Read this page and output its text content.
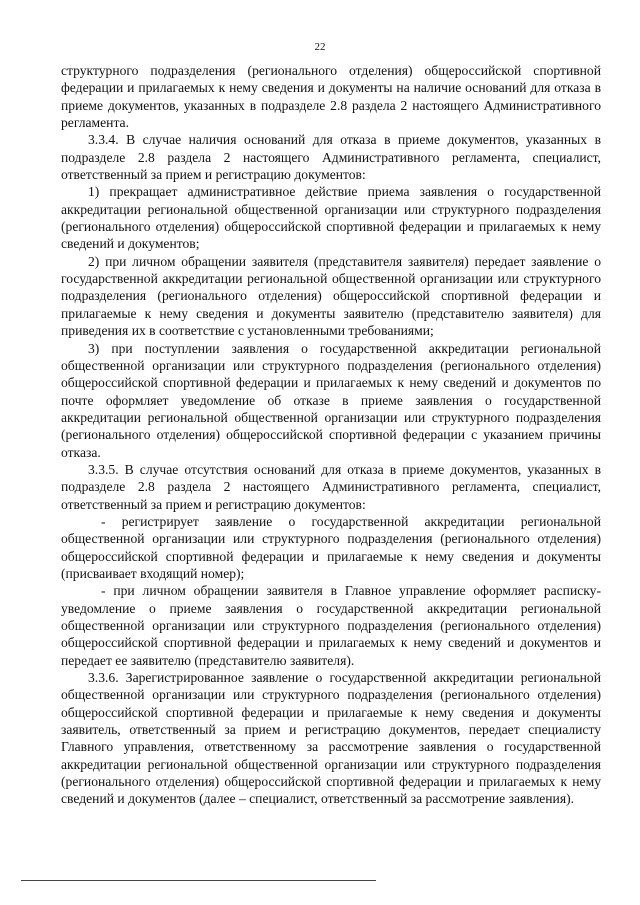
22

структурного подразделения (регионального отделения) общероссийской спортивной федерации и прилагаемых к нему сведения и документы на наличие оснований для отказа в приеме документов, указанных в подразделе 2.8 раздела 2 настоящего Административного регламента.

3.3.4. В случае наличия оснований для отказа в приеме документов, указанных в подразделе 2.8 раздела 2 настоящего Административного регламента, специалист, ответственный за прием и регистрацию документов:

1) прекращает административное действие приема заявления о государственной аккредитации региональной общественной организации или структурного подразделения (регионального отделения) общероссийской спортивной федерации и прилагаемых к нему сведений и документов;

2) при личном обращении заявителя (представителя заявителя) передает заявление о государственной аккредитации региональной общественной организации или структурного подразделения (регионального отделения) общероссийской спортивной федерации и прилагаемые к нему сведения и документы заявителю (представителю заявителя) для приведения их в соответствие с установленными требованиями;

3) при поступлении заявления о государственной аккредитации региональной общественной организации или структурного подразделения (регионального отделения) общероссийской спортивной федерации и прилагаемых к нему сведений и документов по почте оформляет уведомление об отказе в приеме заявления о государственной аккредитации региональной общественной организации или структурного подразделения (регионального отделения) общероссийской спортивной федерации с указанием причины отказа.

3.3.5. В случае отсутствия оснований для отказа в приеме документов, указанных в подразделе 2.8 раздела 2 настоящего Административного регламента, специалист, ответственный за прием и регистрацию документов:

- регистрирует заявление о государственной аккредитации региональной общественной организации или структурного подразделения (регионального отделения) общероссийской спортивной федерации и прилагаемые к нему сведения и документы (присваивает входящий номер);

- при личном обращении заявителя в Главное управление оформляет расписку-уведомление о приеме заявления о государственной аккредитации региональной общественной организации или структурного подразделения (регионального отделения) общероссийской спортивной федерации и прилагаемых к нему сведений и документов и передает ее заявителю (представителю заявителя).

3.3.6. Зарегистрированное заявление о государственной аккредитации региональной общественной организации или структурного подразделения (регионального отделения) общероссийской спортивной федерации и прилагаемые к нему сведения и документы заявитель, ответственный за прием и регистрацию документов, передает специалисту Главного управления, ответственному за рассмотрение заявления о государственной аккредитации региональной общественной организации или структурного подразделения (регионального отделения) общероссийской спортивной федерации и прилагаемых к нему сведений и документов (далее – специалист, ответственный за рассмотрение заявления).
